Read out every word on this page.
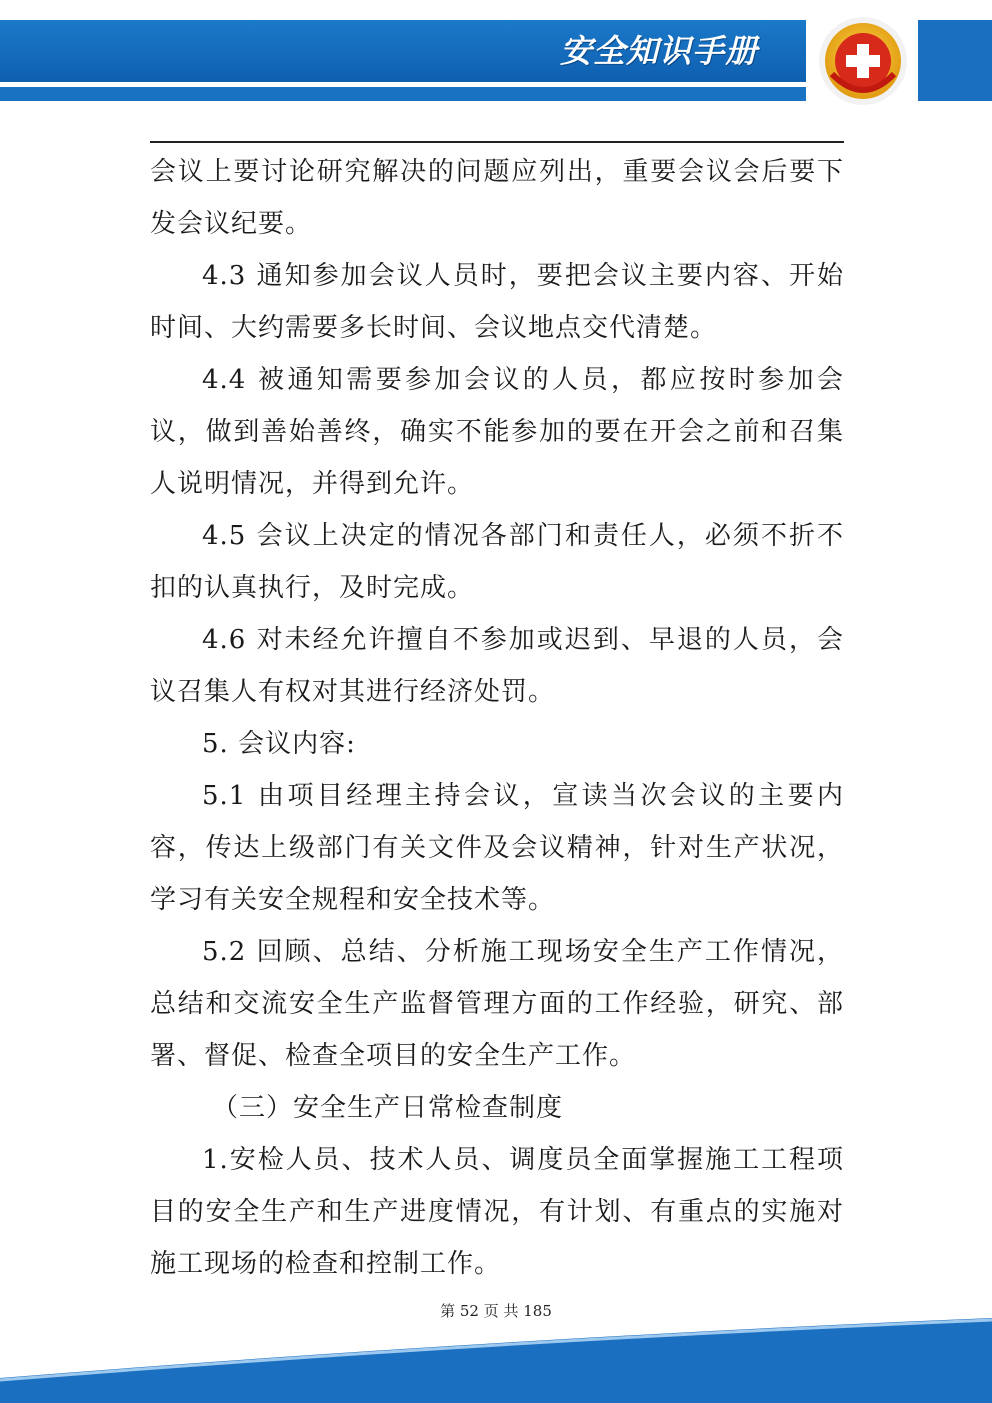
安全知识手册

会议上要讨论研究解决的问题应列出，重要会议会后要下发会议纪要。

4.3 通知参加会议人员时，要把会议主要内容、开始时间、大约需要多长时间、会议地点交代清楚。

4.4 被通知需要参加会议的人员，都应按时参加会议，做到善始善终，确实不能参加的要在开会之前和召集人说明情况，并得到允许。

4.5 会议上决定的情况各部门和责任人，必须不折不扣的认真执行，及时完成。

4.6 对未经允许擅自不参加或迟到、早退的人员，会议召集人有权对其进行经济处罚。

5. 会议内容:

5.1 由项目经理主持会议，宣读当次会议的主要内容，传达上级部门有关文件及会议精神，针对生产状况，学习有关安全规程和安全技术等。

5.2 回顾、总结、分析施工现场安全生产工作情况，总结和交流安全生产监督管理方面的工作经验，研究、部署、督促、检查全项目的安全生产工作。

（三）安全生产日常检查制度

1.安检人员、技术人员、调度员全面掌握施工工程项目的安全生产和生产进度情况，有计划、有重点的实施对施工现场的检查和控制工作。

第 52 页 共 185
